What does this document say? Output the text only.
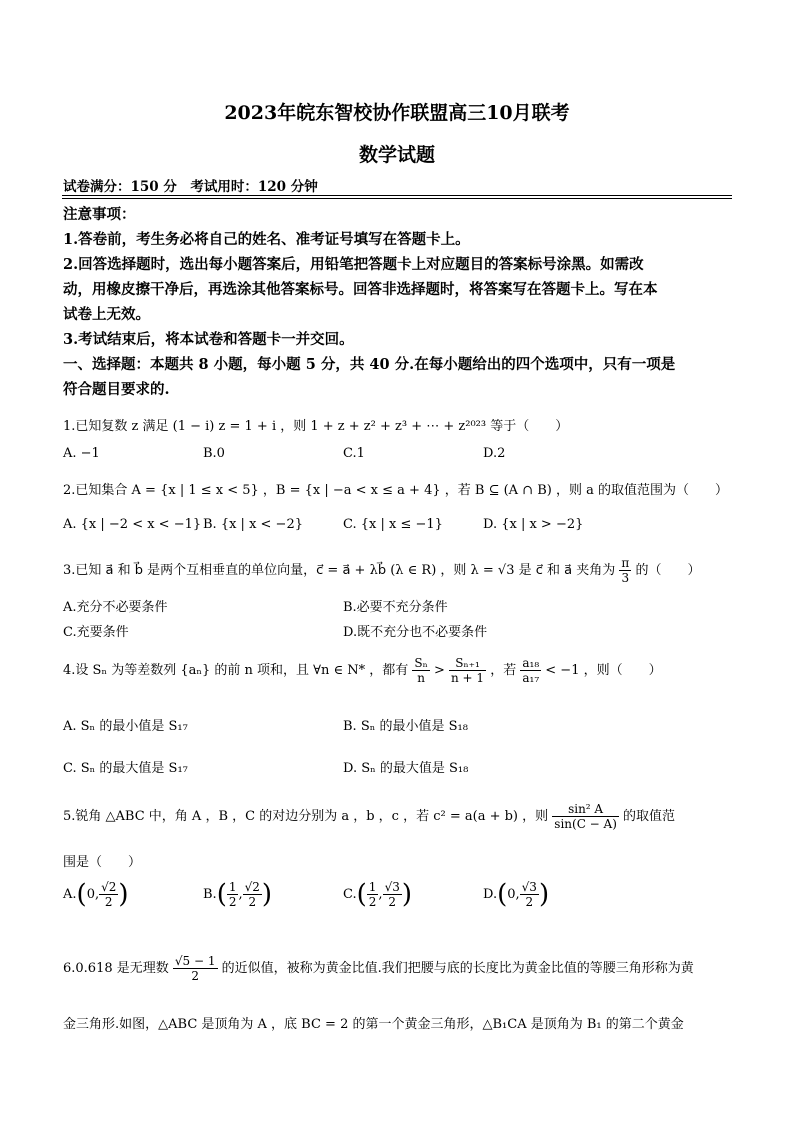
2023年皖东智校协作联盟高三10月联考
数学试题
试卷满分：150 分　考试用时：120 分钟
注意事项：
1.答卷前，考生务必将自己的姓名、准考证号填写在答题卡上。
2.回答选择题时，选出每小题答案后，用铅笔把答题卡上对应题目的答案标号涂黑。如需改
动，用橡皮擦干净后，再选涂其他答案标号。回答非选择题时，将答案写在答题卡上。写在本
试卷上无效。
3.考试结束后，将本试卷和答题卡一并交回。
一、选择题：本题共 8 小题，每小题 5 分，共 40 分.在每小题给出的四个选项中，只有一项是
符合题目要求的.
1.已知复数 z 满足 (1 − i) z = 1 + i ，则 1 + z + z² + z³ + ⋯ + z²⁰²³ 等于（　　）
A. −1	B.0	C.1	D.2
2.已知集合 A = {x | 1 ≤ x < 5} ，B = {x | −a < x ≤ a + 4} ，若 B ⊆ (A ∩ B) ，则 a 的取值范围为（　　）
A. {x | −2 < x < −1} B. {x | x < −2}	C. {x | x ≤ −1}	D. {x | x > −2}
3.已知 a⃗ 和 b⃗ 是两个互相垂直的单位向量，c⃗ = a⃗ + λb⃗ (λ ∈ R) ，则 λ = √3 是 c⃗ 和 a⃗ 夹角为 $\frac{\pi}{3}$ 的（　　）
A.充分不必要条件	B.必要不充分条件
C.充要条件	D.既不充分也不必要条件
4.设 Sₙ 为等差数列 {aₙ} 的前 n 项和，且 ∀n ∈ N* ，都有 $\frac{\text{Sₙ}}{n} > \frac{\text{Sₙ₊₁}}{n + 1}$ ，若 $\frac{\text{a₁₈}}{\text{a₁₇}} < -1$ ，则（　　）
A. Sₙ 的最小值是 S₁₇	B. Sₙ 的最小值是 S₁₈
C. Sₙ 的最大值是 S₁₇	D. Sₙ 的最大值是 S₁₈
5.锐角 △ABC 中，角 A ，B ，C 的对边分别为 a ，b ，c ，若 c² = a(a + b) ，则 $\frac{\text{sin² A}}{\sin(C - A)}$ 的取值范
围是（　　）
A.(0, $\frac{√2}{2}$ )	$B.( \frac{1}{2}$ , $\frac{√2}{2}$ )	$C.( \frac{1}{2}$ , $\frac{√3}{2}$ )	D.(0, $\frac{√3}{2}$ )
6.0.618 是无理数 $\frac{√5 - 1}{2}$ 的近似值，被称为黄金比值.我们把腰与底的长度比为黄金比值的等腰三角形称为黄
金三角形.如图，△ABC 是顶角为 A ，底 BC = 2 的第一个黄金三角形，△B₁CA 是顶角为 B₁ 的第二个黄金
